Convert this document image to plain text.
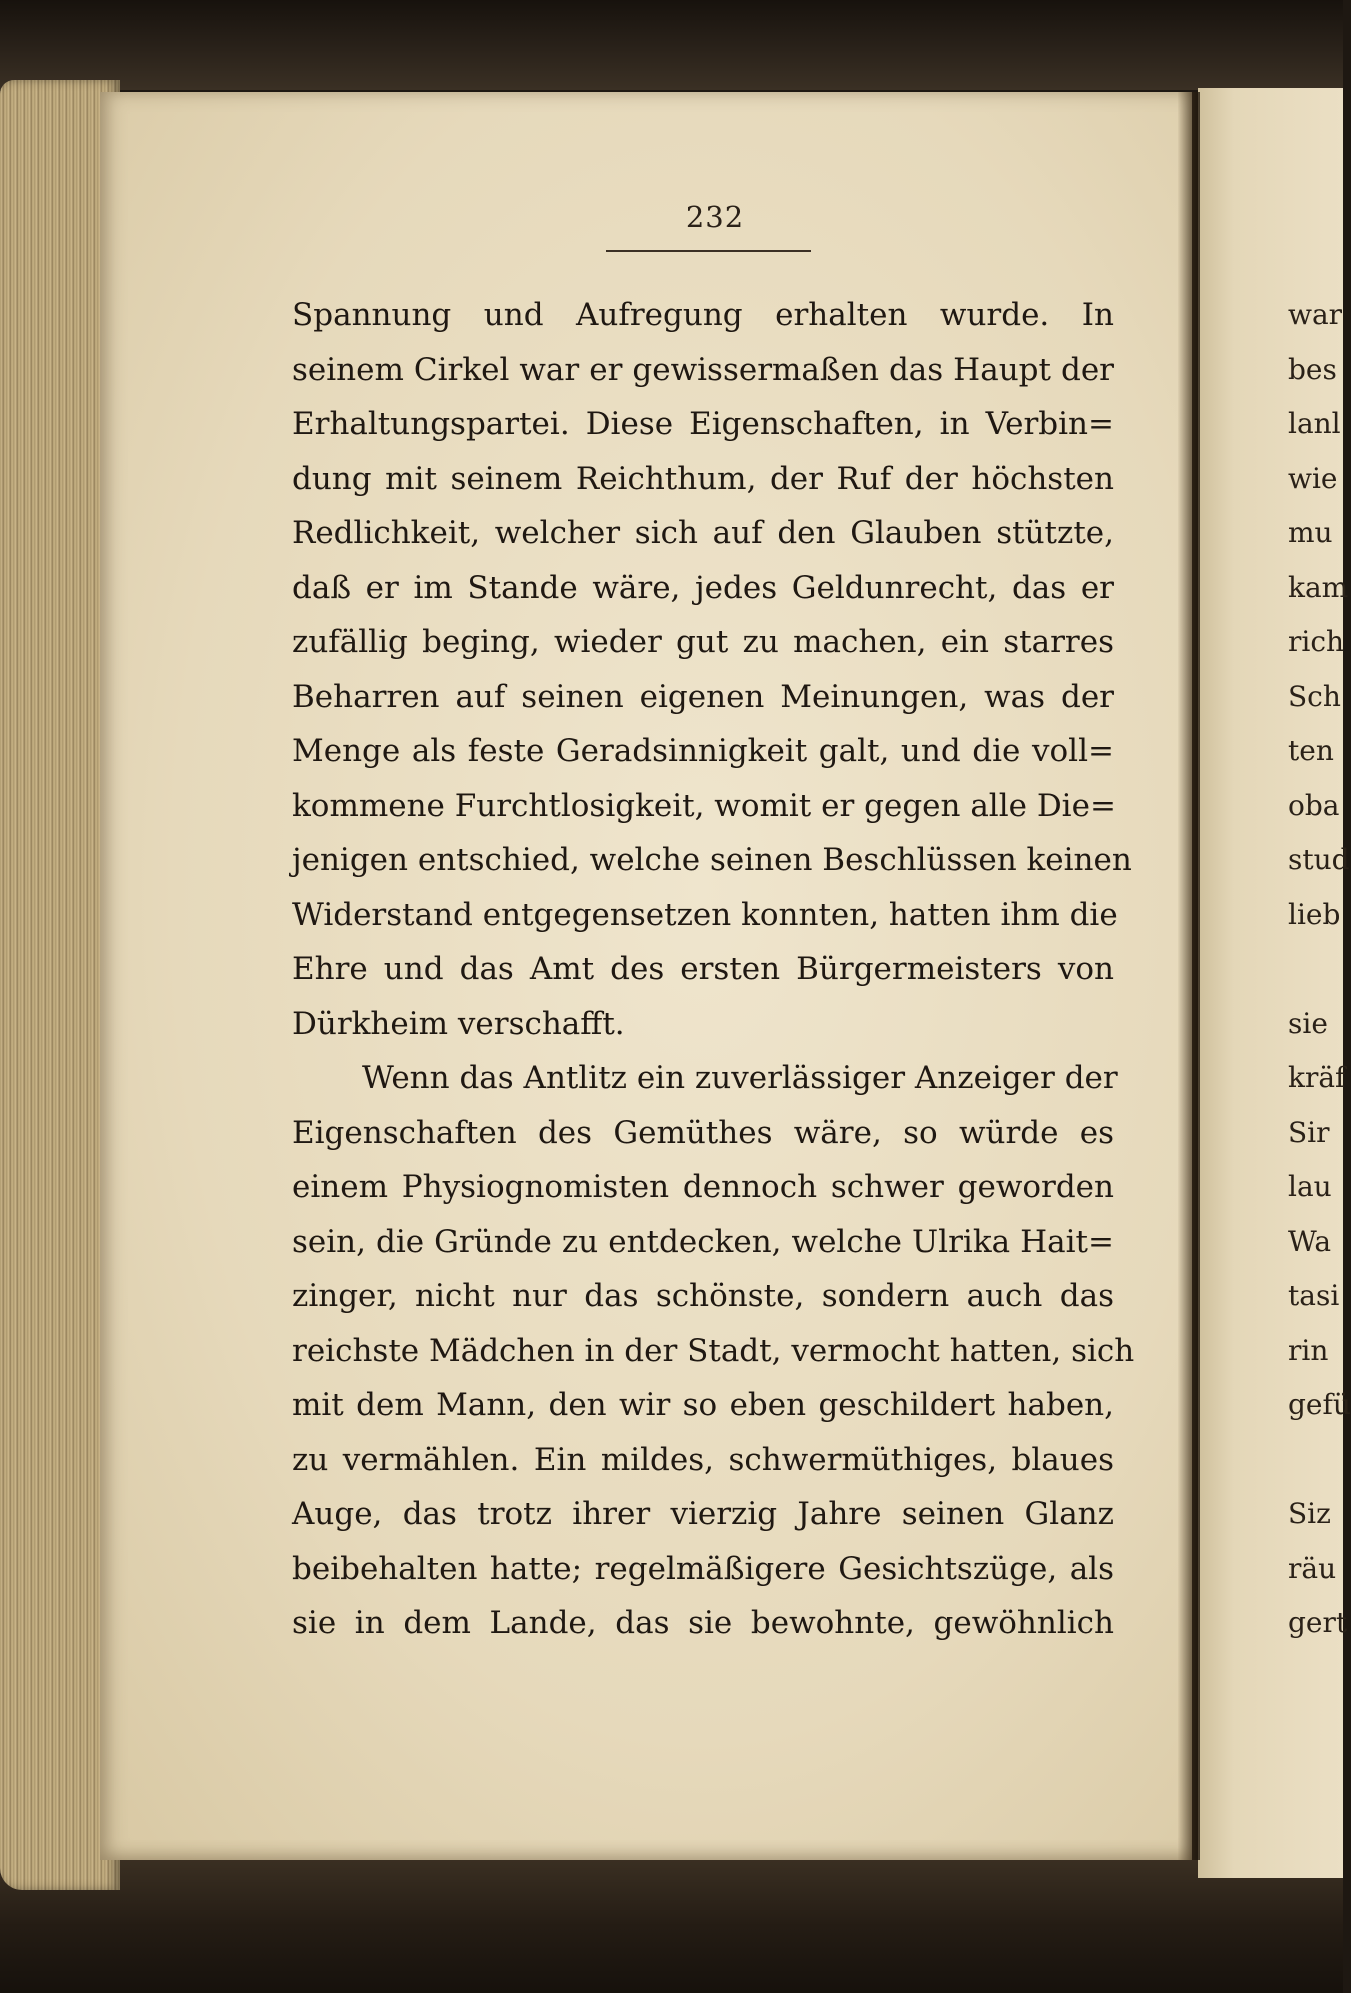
232
Spannung und Aufregung erhalten wurde. In
seinem Cirkel war er gewissermaßen das Haupt der
Erhaltungspartei. Diese Eigenschaften, in Verbin=
dung mit seinem Reichthum, der Ruf der höchsten
Redlichkeit, welcher sich auf den Glauben stützte,
daß er im Stande wäre, jedes Geldunrecht, das er
zufällig beging, wieder gut zu machen, ein starres
Beharren auf seinen eigenen Meinungen, was der
Menge als feste Geradsinnigkeit galt, und die voll=
kommene Furchtlosigkeit, womit er gegen alle Die=
jenigen entschied, welche seinen Beschlüssen keinen
Widerstand entgegensetzen konnten, hatten ihm die
Ehre und das Amt des ersten Bürgermeisters von
Dürkheim verschafft.
Wenn das Antlitz ein zuverlässiger Anzeiger der
Eigenschaften des Gemüthes wäre, so würde es
einem Physiognomisten dennoch schwer geworden
sein, die Gründe zu entdecken, welche Ulrika Hait=
zinger, nicht nur das schönste, sondern auch das
reichste Mädchen in der Stadt, vermocht hatten, sich
mit dem Mann, den wir so eben geschildert haben,
zu vermählen. Ein mildes, schwermüthiges, blaues
Auge, das trotz ihrer vierzig Jahre seinen Glanz
beibehalten hatte; regelmäßigere Gesichtszüge, als
sie in dem Lande, das sie bewohnte, gewöhnlich
war
bes
lanl
wie
mu
kam
rich
Sch
ten
oba
stud
lieb
sie
kräf
Sir
lau
Wa
tasi
rin
gefü
Siz
räu
gert
